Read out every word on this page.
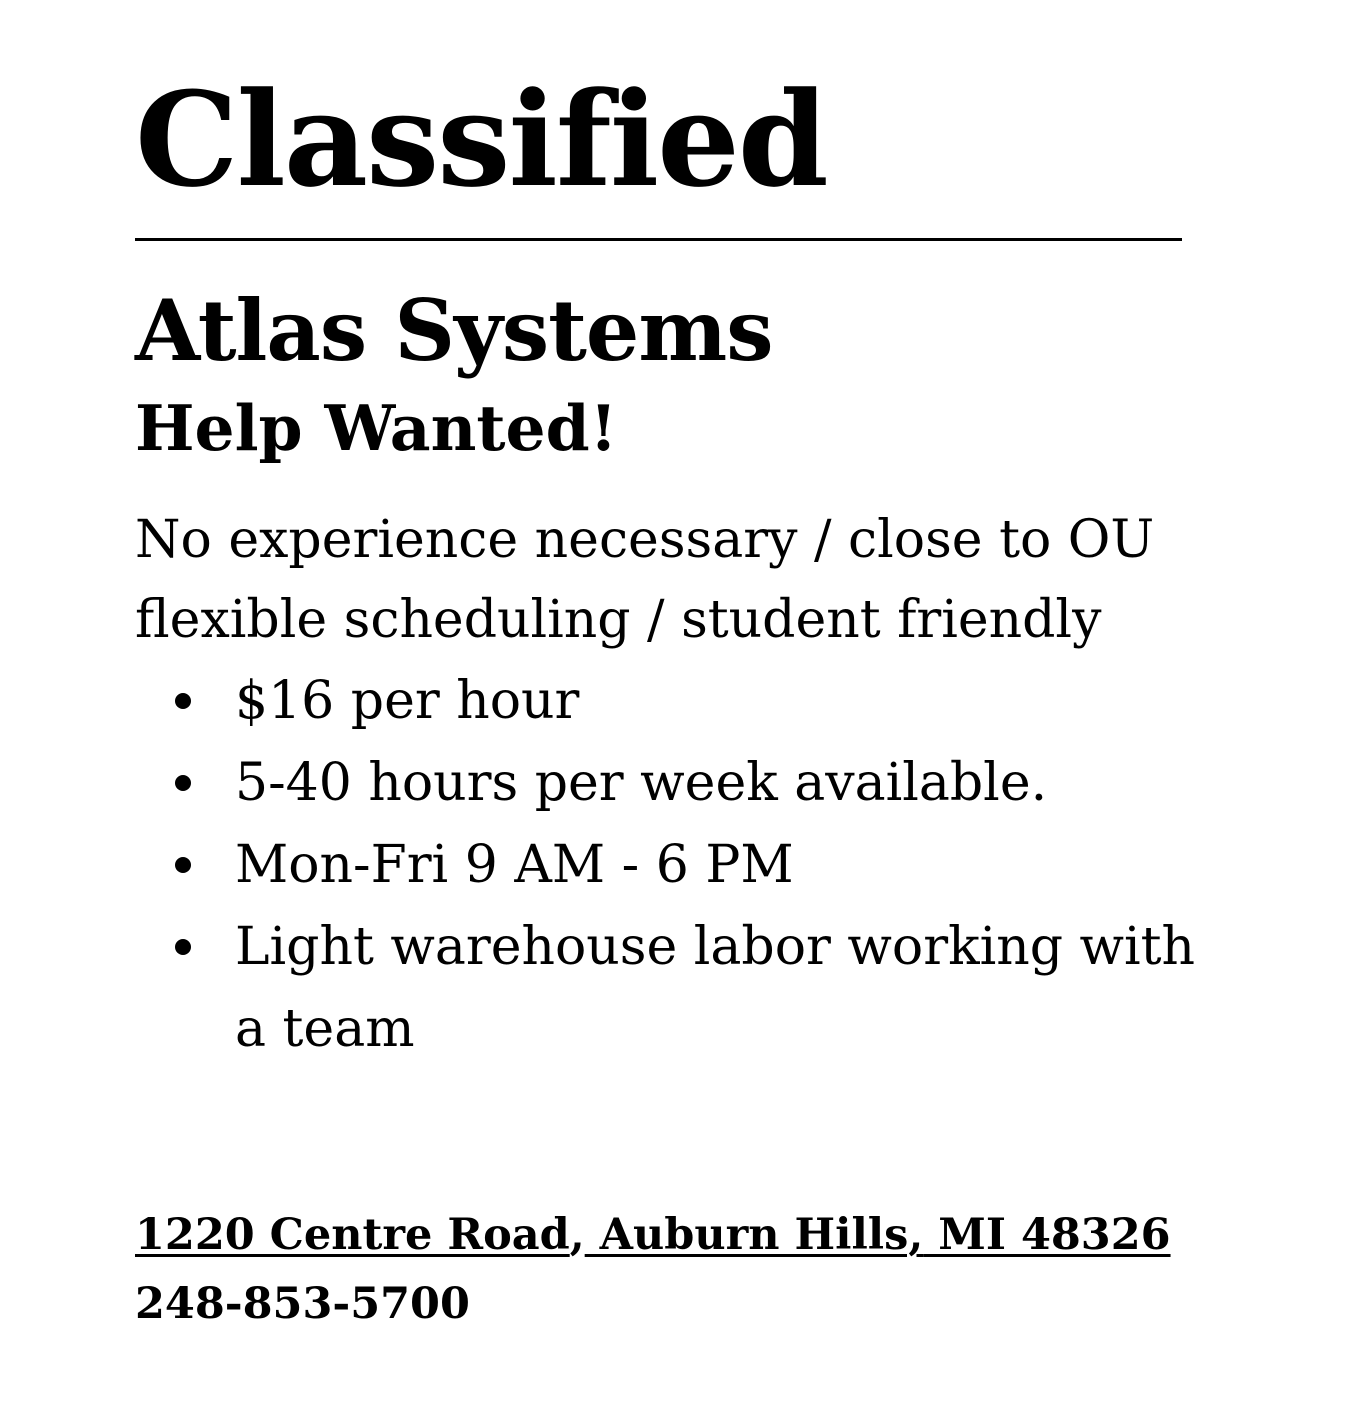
Classified
Atlas Systems
Help Wanted!

No experience necessary / close to OU
flexible scheduling / student friendly

$16 per hour
5-40 hours per week available.
Mon-Fri 9 AM - 6 PM
Light warehouse labor working with
a team
1220 Centre Road, Auburn Hills, MI 48326
248-853-5700
